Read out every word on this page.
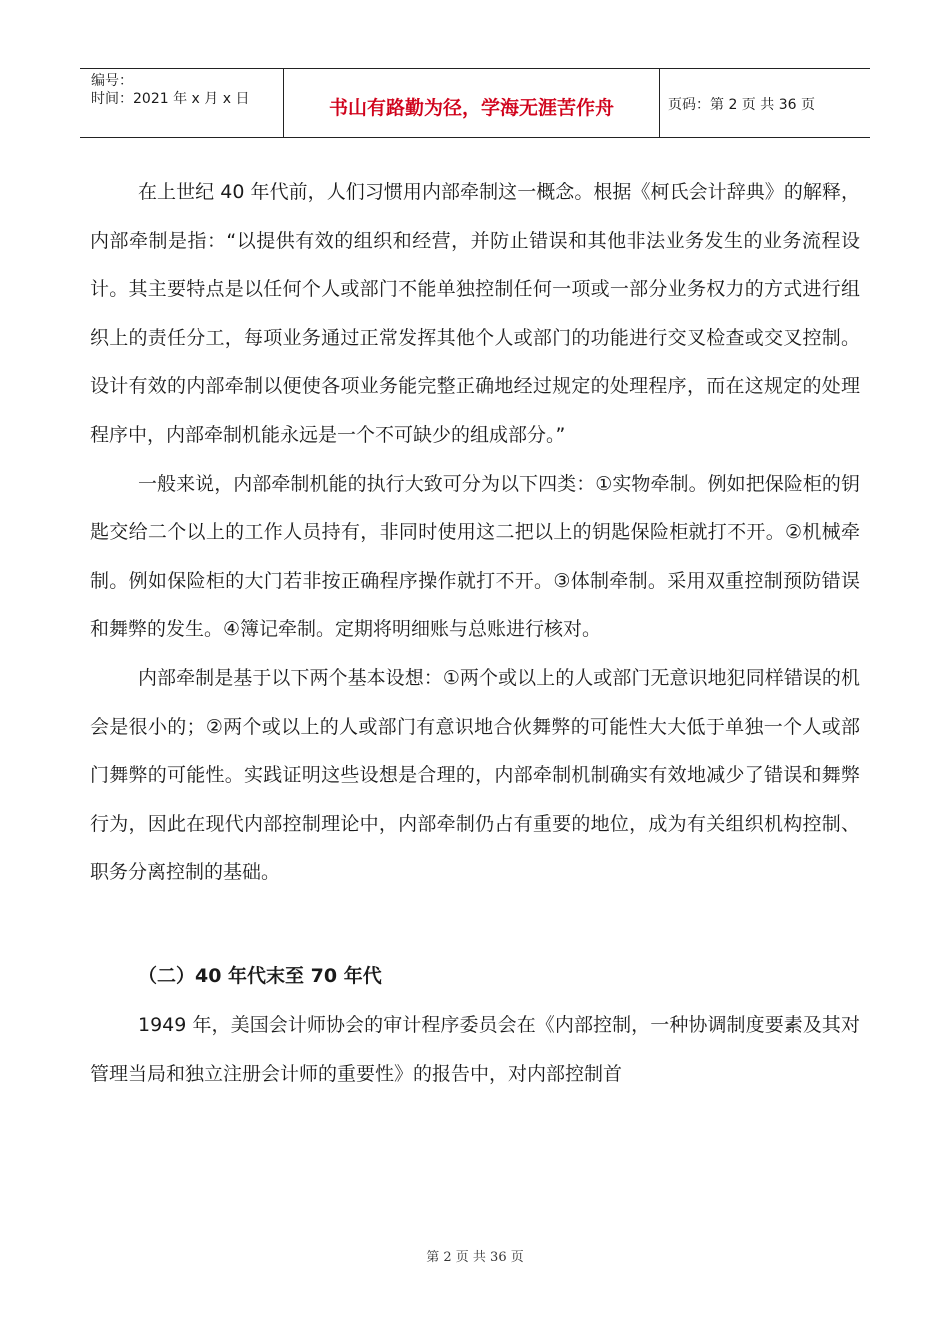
编号：
时间：2021 年 x 月 x 日	书山有路勤为径，学海无涯苦作舟	页码：第 2 页 共 36 页

在上世纪 40 年代前，人们习惯用内部牵制这一概念。根据《柯氏会计辞典》的解释，内部牵制是指：“以提供有效的组织和经营，并防止错误和其他非法业务发生的业务流程设计。其主要特点是以任何个人或部门不能单独控制任何一项或一部分业务权力的方式进行组织上的责任分工，每项业务通过正常发挥其他个人或部门的功能进行交叉检查或交叉控制。设计有效的内部牵制以便使各项业务能完整正确地经过规定的处理程序，而在这规定的处理程序中，内部牵制机能永远是一个不可缺少的组成部分。”

一般来说，内部牵制机能的执行大致可分为以下四类：①实物牵制。例如把保险柜的钥匙交给二个以上的工作人员持有，非同时使用这二把以上的钥匙保险柜就打不开。②机械牵制。例如保险柜的大门若非按正确程序操作就打不开。③体制牵制。采用双重控制预防错误和舞弊的发生。④簿记牵制。定期将明细账与总账进行核对。

内部牵制是基于以下两个基本设想：①两个或以上的人或部门无意识地犯同样错误的机会是很小的；②两个或以上的人或部门有意识地合伙舞弊的可能性大大低于单独一个人或部门舞弊的可能性。实践证明这些设想是合理的，内部牵制机制确实有效地减少了错误和舞弊行为，因此在现代内部控制理论中，内部牵制仍占有重要的地位，成为有关组织机构控制、职务分离控制的基础。

（二）40 年代末至 70 年代

1949 年，美国会计师协会的审计程序委员会在《内部控制，一种协调制度要素及其对管理当局和独立注册会计师的重要性》的报告中，对内部控制首

第 2 页 共 36 页
